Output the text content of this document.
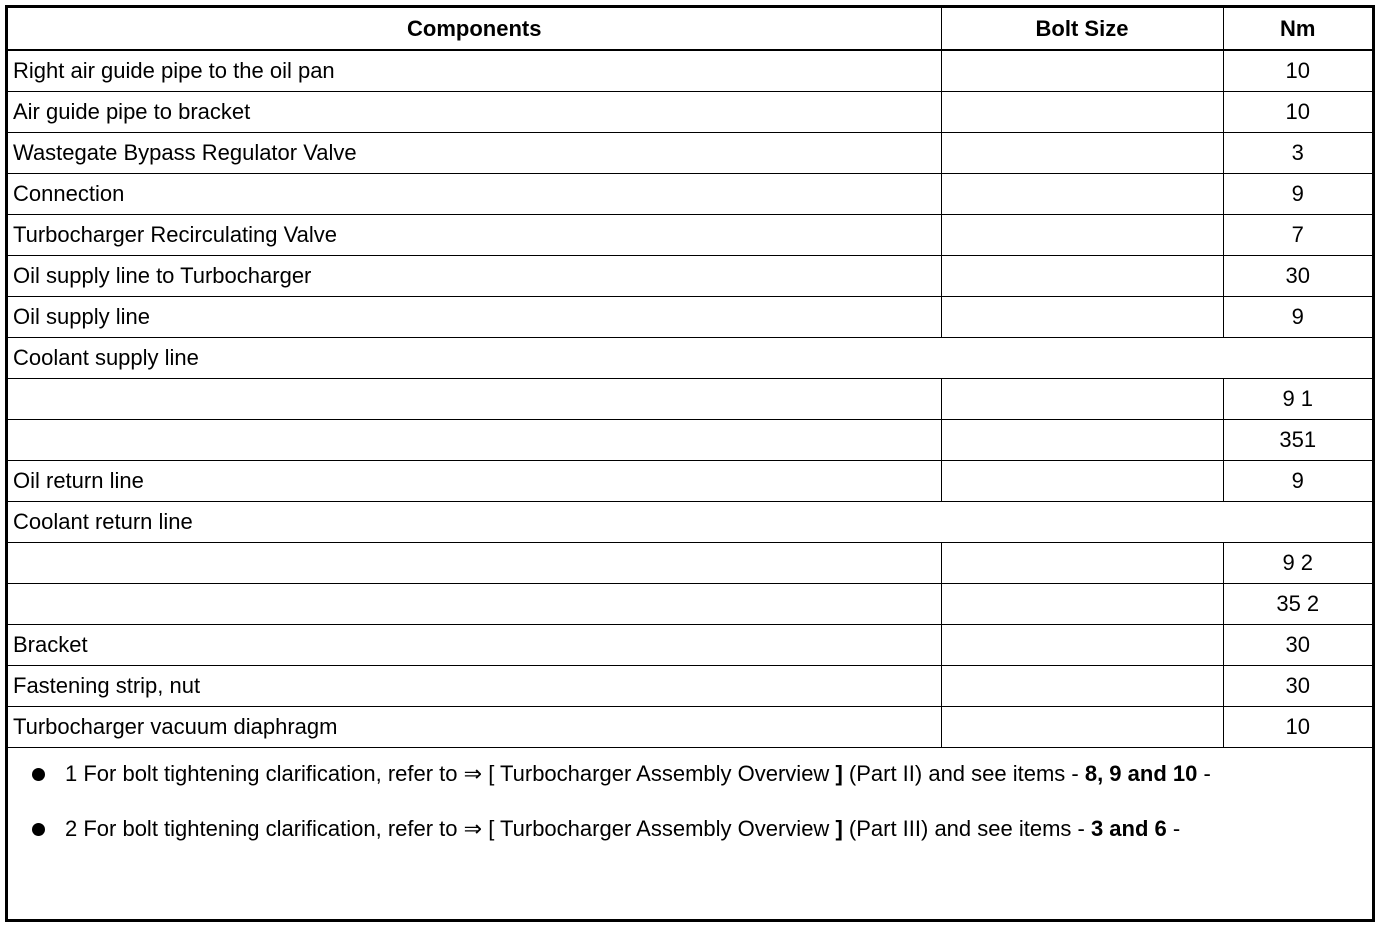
Components	Bolt Size	Nm
Right air guide pipe to the oil pan		10
Air guide pipe to bracket		10
Wastegate Bypass Regulator Valve		3
Connection		9
Turbocharger Recirculating Valve		7
Oil supply line to Turbocharger		30
Oil supply line		9
Coolant supply line		
		9 1
		351
Oil return line		9
Coolant return line		
		9 2
		35 2
Bracket		30
Fastening strip, nut		30
Turbocharger vacuum diaphragm		10
1 For bolt tightening clarification, refer to ⇒ [ Turbocharger Assembly Overview ] (Part II) and see items - 8, 9 and 10 -
2 For bolt tightening clarification, refer to ⇒ [ Turbocharger Assembly Overview ] (Part III) and see items - 3 and 6 -
